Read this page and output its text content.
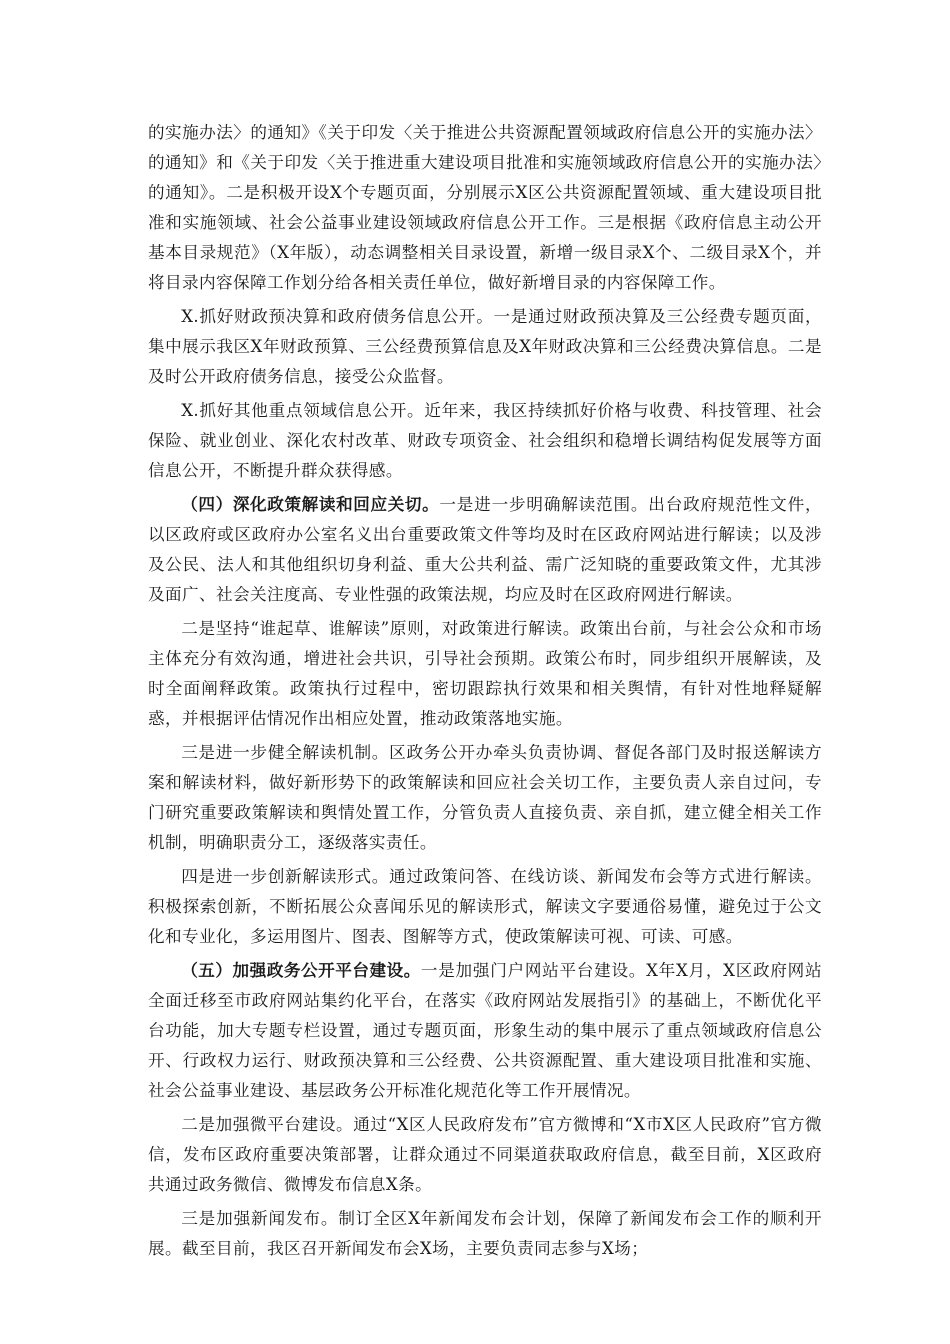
的实施办法〉的通知》《关于印发〈关于推进公共资源配置领域政府信息公开的实施办法〉的通知》和《关于印发〈关于推进重大建设项目批准和实施领域政府信息公开的实施办法〉的通知》。二是积极开设X个专题页面，分别展示X区公共资源配置领域、重大建设项目批准和实施领域、社会公益事业建设领域政府信息公开工作。三是根据《政府信息主动公开基本目录规范》（X年版），动态调整相关目录设置，新增一级目录X个、二级目录X个，并将目录内容保障工作划分给各相关责任单位，做好新增目录的内容保障工作。

X.抓好财政预决算和政府债务信息公开。一是通过财政预决算及三公经费专题页面，集中展示我区X年财政预算、三公经费预算信息及X年财政决算和三公经费决算信息。二是及时公开政府债务信息，接受公众监督。

X.抓好其他重点领域信息公开。近年来，我区持续抓好价格与收费、科技管理、社会保险、就业创业、深化农村改革、财政专项资金、社会组织和稳增长调结构促发展等方面信息公开，不断提升群众获得感。

（四）深化政策解读和回应关切。一是进一步明确解读范围。出台政府规范性文件，以区政府或区政府办公室名义出台重要政策文件等均及时在区政府网站进行解读；以及涉及公民、法人和其他组织切身利益、重大公共利益、需广泛知晓的重要政策文件，尤其涉及面广、社会关注度高、专业性强的政策法规，均应及时在区政府网进行解读。

二是坚持“谁起草、谁解读”原则，对政策进行解读。政策出台前，与社会公众和市场主体充分有效沟通，增进社会共识，引导社会预期。政策公布时，同步组织开展解读，及时全面阐释政策。政策执行过程中，密切跟踪执行效果和相关舆情，有针对性地释疑解惑，并根据评估情况作出相应处置，推动政策落地实施。

三是进一步健全解读机制。区政务公开办牵头负责协调、督促各部门及时报送解读方案和解读材料，做好新形势下的政策解读和回应社会关切工作，主要负责人亲自过问，专门研究重要政策解读和舆情处置工作，分管负责人直接负责、亲自抓，建立健全相关工作机制，明确职责分工，逐级落实责任。

四是进一步创新解读形式。通过政策问答、在线访谈、新闻发布会等方式进行解读。积极探索创新，不断拓展公众喜闻乐见的解读形式，解读文字要通俗易懂，避免过于公文化和专业化，多运用图片、图表、图解等方式，使政策解读可视、可读、可感。

（五）加强政务公开平台建设。一是加强门户网站平台建设。X年X月，X区政府网站全面迁移至市政府网站集约化平台，在落实《政府网站发展指引》的基础上，不断优化平台功能，加大专题专栏设置，通过专题页面，形象生动的集中展示了重点领域政府信息公开、行政权力运行、财政预决算和三公经费、公共资源配置、重大建设项目批准和实施、社会公益事业建设、基层政务公开标准化规范化等工作开展情况。

二是加强微平台建设。通过“X区人民政府发布”官方微博和“X市X区人民政府”官方微信，发布区政府重要决策部署，让群众通过不同渠道获取政府信息，截至目前，X区政府共通过政务微信、微博发布信息X条。

三是加强新闻发布。制订全区X年新闻发布会计划，保障了新闻发布会工作的顺利开展。截至目前，我区召开新闻发布会X场，主要负责同志参与X场；
